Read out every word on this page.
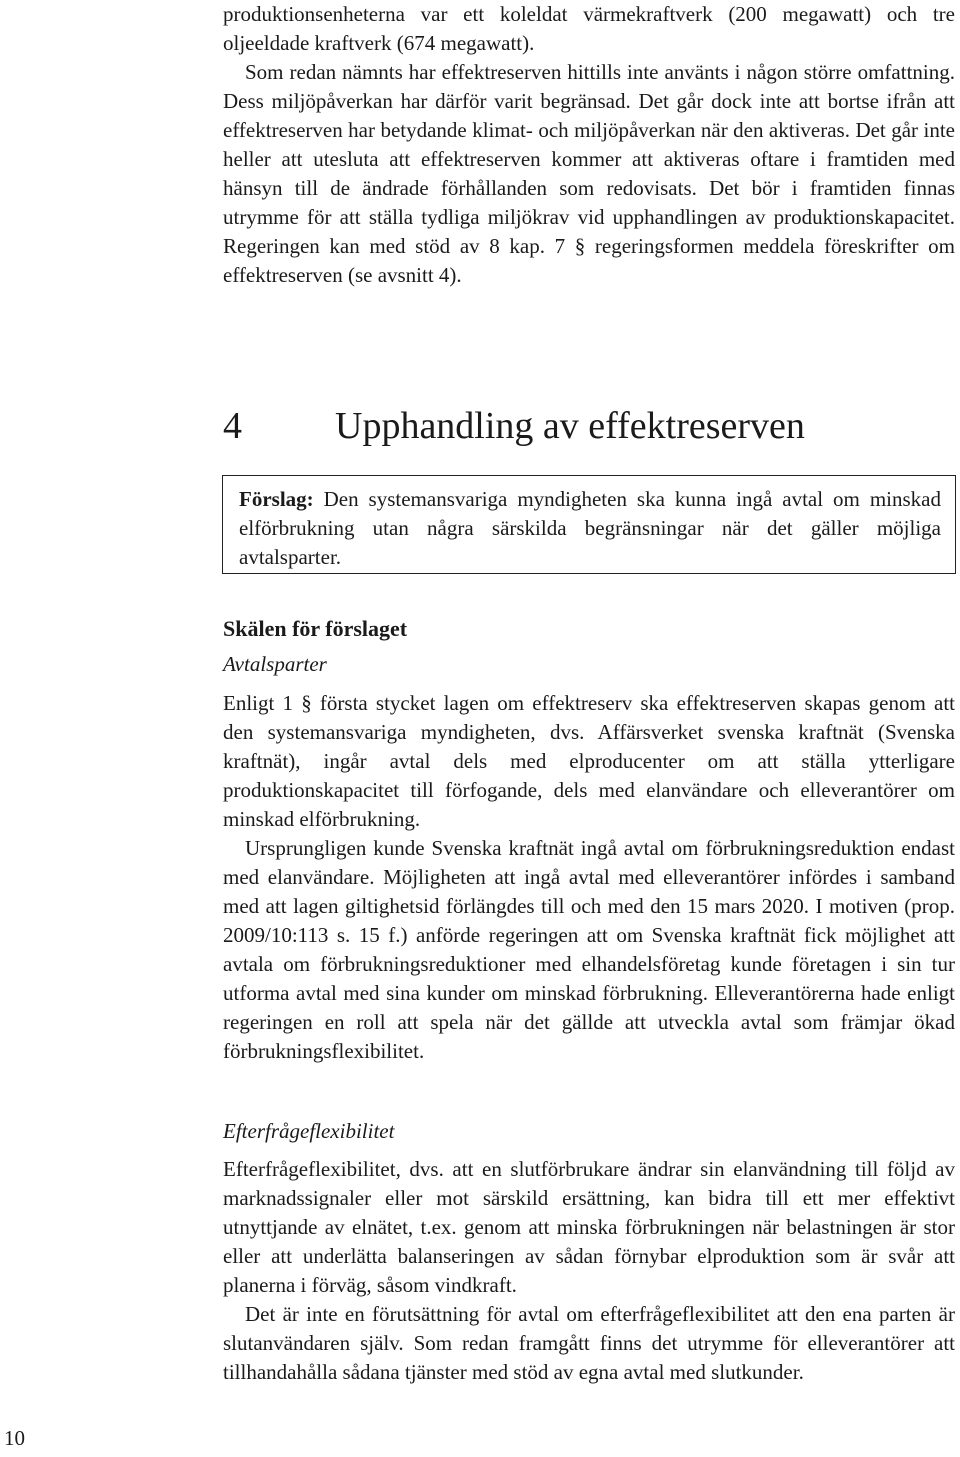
produktionsenheterna var ett koleldat värmekraftverk (200 megawatt) och tre oljeeldade kraftverk (674 megawatt).

Som redan nämnts har effektreserven hittills inte använts i någon större omfattning. Dess miljöpåverkan har därför varit begränsad. Det går dock inte att bortse ifrån att effektreserven har betydande klimat- och miljöpåverkan när den aktiveras. Det går inte heller att utesluta att effektreserven kommer att aktiveras oftare i framtiden med hänsyn till de ändrade förhållanden som redovisats. Det bör i framtiden finnas utrymme för att ställa tydliga miljökrav vid upphandlingen av produktionskapacitet. Regeringen kan med stöd av 8 kap. 7 § regeringsformen meddela föreskrifter om effektreserven (se avsnitt 4).

4 Upphandling av effektreserven

Förslag: Den systemansvariga myndigheten ska kunna ingå avtal om minskad elförbrukning utan några särskilda begränsningar när det gäller möjliga avtalsparter.

Skälen för förslaget
Avtalsparter

Enligt 1 § första stycket lagen om effektreserv ska effektreserven skapas genom att den systemansvariga myndigheten, dvs. Affärsverket svenska kraftnät (Svenska kraftnät), ingår avtal dels med elproducenter om att ställa ytterligare produktionskapacitet till förfogande, dels med elanvändare och elleverantörer om minskad elförbrukning.

Ursprungligen kunde Svenska kraftnät ingå avtal om förbrukningsreduktion endast med elanvändare. Möjligheten att ingå avtal med elleverantörer infördes i samband med att lagen giltighetsid förlängdes till och med den 15 mars 2020. I motiven (prop. 2009/10:113 s. 15 f.) anförde regeringen att om Svenska kraftnät fick möjlighet att avtala om förbrukningsreduktioner med elhandelsföretag kunde företagen i sin tur utforma avtal med sina kunder om minskad förbrukning. Elleverantörerna hade enligt regeringen en roll att spela när det gällde att utveckla avtal som främjar ökad förbrukningsflexibilitet.

Efterfrågeflexibilitet

Efterfrågeflexibilitet, dvs. att en slutförbrukare ändrar sin elanvändning till följd av marknadssignaler eller mot särskild ersättning, kan bidra till ett mer effektivt utnyttjande av elnätet, t.ex. genom att minska förbrukningen när belastningen är stor eller att underlätta balanseringen av sådan förnybar elproduktion som är svår att planerna i förväg, såsom vindkraft.

Det är inte en förutsättning för avtal om efterfrågeflexibilitet att den ena parten är slutanvändaren själv. Som redan framgått finns det utrymme för elleverantörer att tillhandahålla sådana tjänster med stöd av egna avtal med slutkunder.

10
